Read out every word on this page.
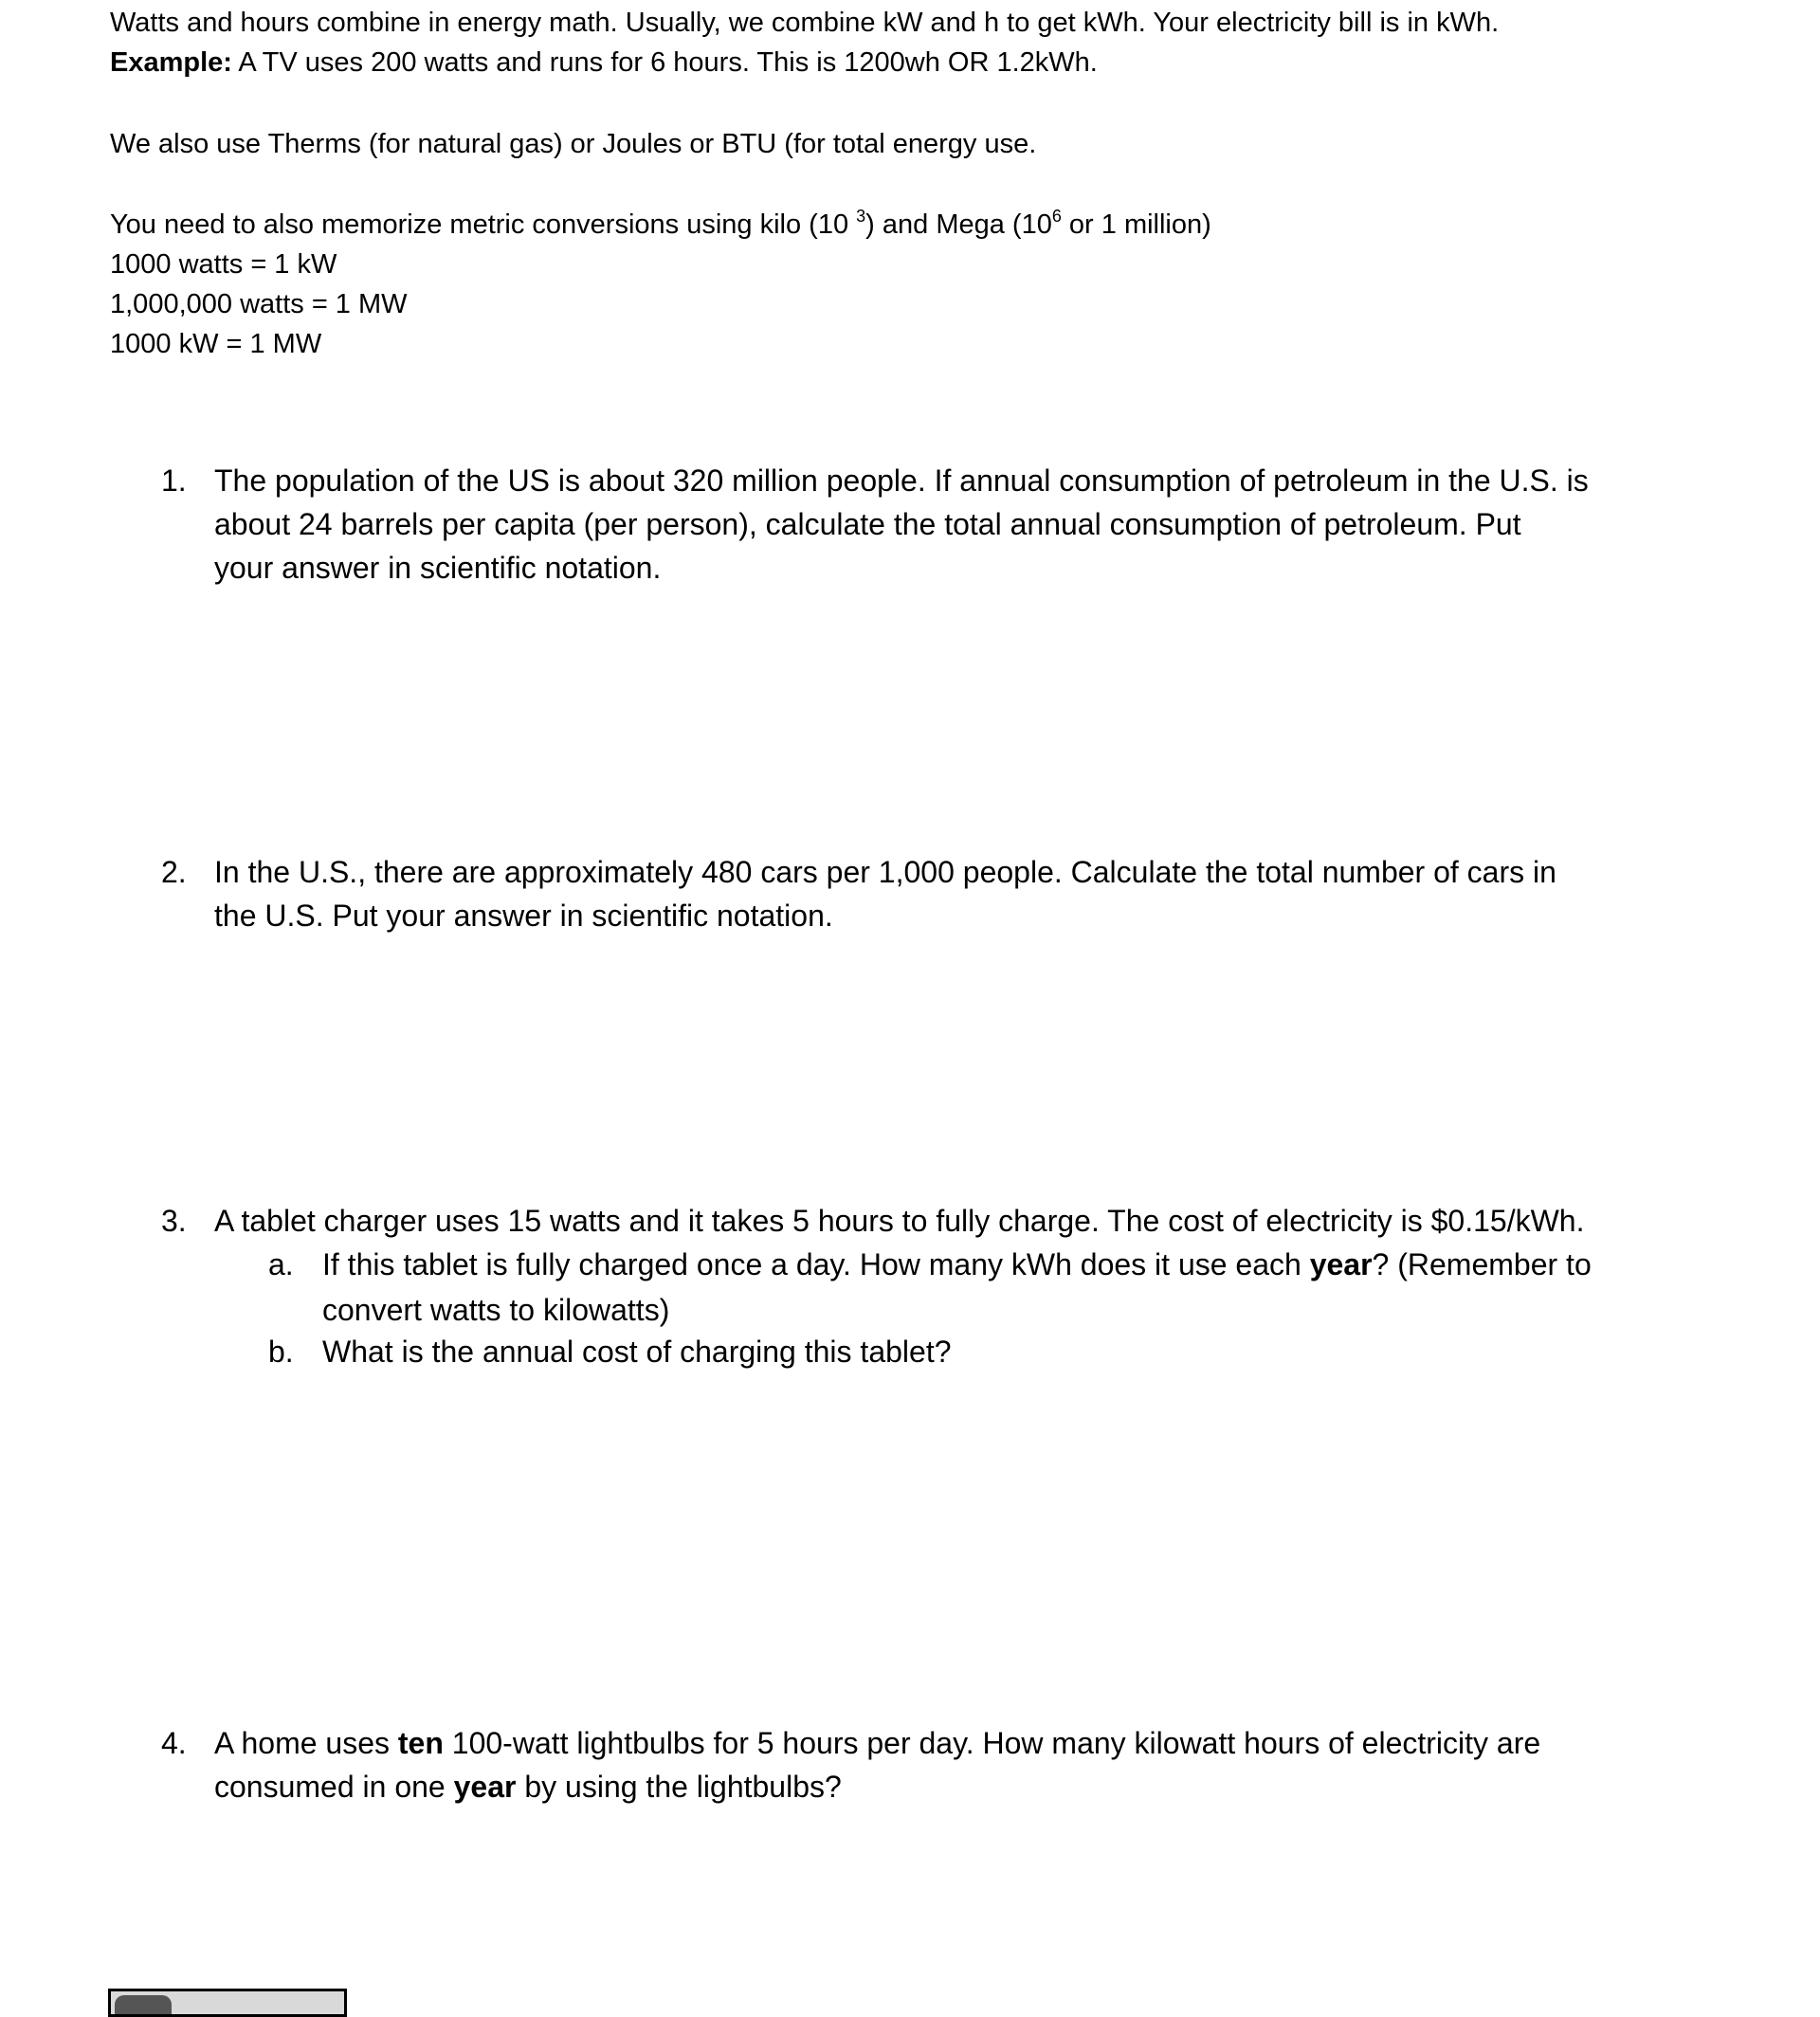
Watts and hours combine in energy math. Usually, we combine kW and h to get kWh. Your electricity bill is in kWh.
Example: A TV uses 200 watts and runs for 6 hours. This is 1200wh OR 1.2kWh.
We also use Therms (for natural gas) or Joules or BTU (for total energy use.
You need to also memorize metric conversions using kilo (10 $^3$) and Mega ($10^6$ or 1 million)
1000 watts = 1 kW
1,000,000 watts = 1 MW
1000 kW = 1 MW
1. The population of the US is about 320 million people. If annual consumption of petroleum in the U.S. is
about 24 barrels per capita (per person), calculate the total annual consumption of petroleum. Put
your answer in scientific notation.
2. In the U.S., there are approximately 480 cars per 1,000 people. Calculate the total number of cars in
the U.S. Put your answer in scientific notation.
3. A tablet charger uses 15 watts and it takes 5 hours to fully charge. The cost of electricity is $0.15/kWh.
a. If this tablet is fully charged once a day. How many kWh does it use each year? (Remember to
convert watts to kilowatts)
b. What is the annual cost of charging this tablet?
4. A home uses ten 100-watt lightbulbs for 5 hours per day. How many kilowatt hours of electricity are
consumed in one year by using the lightbulbs?
